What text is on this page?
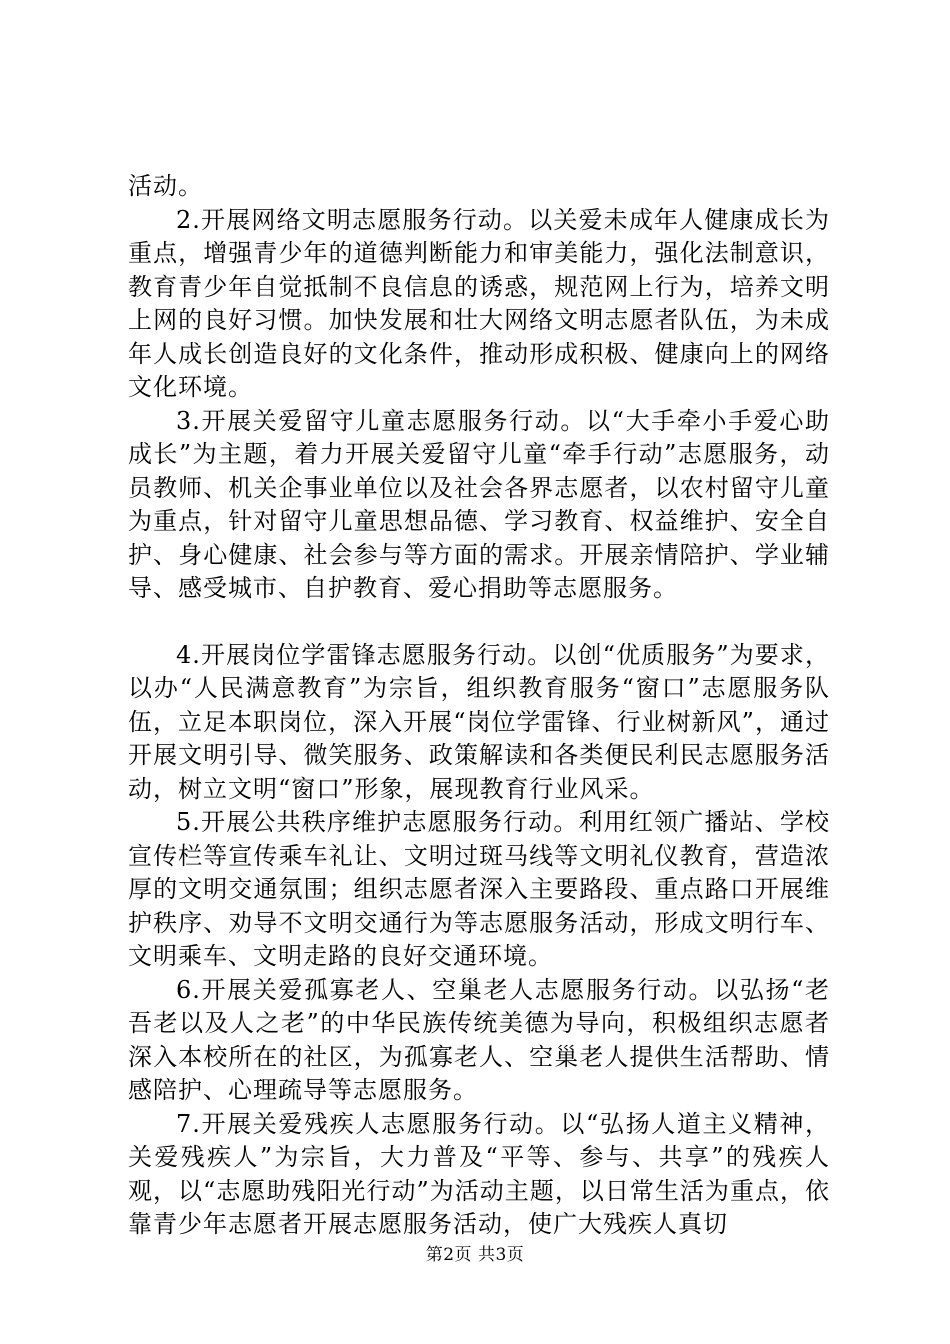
活动。

2.开展网络文明志愿服务行动。以关爱未成年人健康成长为重点，增强青少年的道德判断能力和审美能力，强化法制意识，教育青少年自觉抵制不良信息的诱惑，规范网上行为，培养文明上网的良好习惯。加快发展和壮大网络文明志愿者队伍，为未成年人成长创造良好的文化条件，推动形成积极、健康向上的网络文化环境。

3.开展关爱留守儿童志愿服务行动。以“大手牵小手爱心助成长”为主题，着力开展关爱留守儿童“牵手行动”志愿服务，动员教师、机关企事业单位以及社会各界志愿者，以农村留守儿童为重点，针对留守儿童思想品德、学习教育、权益维护、安全自护、身心健康、社会参与等方面的需求。开展亲情陪护、学业辅导、感受城市、自护教育、爱心捐助等志愿服务。

4.开展岗位学雷锋志愿服务行动。以创“优质服务”为要求，以办“人民满意教育”为宗旨，组织教育服务“窗口”志愿服务队伍，立足本职岗位，深入开展“岗位学雷锋、行业树新风”，通过开展文明引导、微笑服务、政策解读和各类便民利民志愿服务活动，树立文明“窗口”形象，展现教育行业风采。

5.开展公共秩序维护志愿服务行动。利用红领广播站、学校宣传栏等宣传乘车礼让、文明过斑马线等文明礼仪教育，营造浓厚的文明交通氛围；组织志愿者深入主要路段、重点路口开展维护秩序、劝导不文明交通行为等志愿服务活动，形成文明行车、文明乘车、文明走路的良好交通环境。

6.开展关爱孤寡老人、空巢老人志愿服务行动。以弘扬“老吾老以及人之老”的中华民族传统美德为导向，积极组织志愿者深入本校所在的社区，为孤寡老人、空巢老人提供生活帮助、情感陪护、心理疏导等志愿服务。

7.开展关爱残疾人志愿服务行动。以“弘扬人道主义精神，关爱残疾人”为宗旨，大力普及“平等、参与、共享”的残疾人观，以“志愿助残阳光行动”为活动主题，以日常生活为重点，依靠青少年志愿者开展志愿服务活动，使广大残疾人真切

第2页 共3页
